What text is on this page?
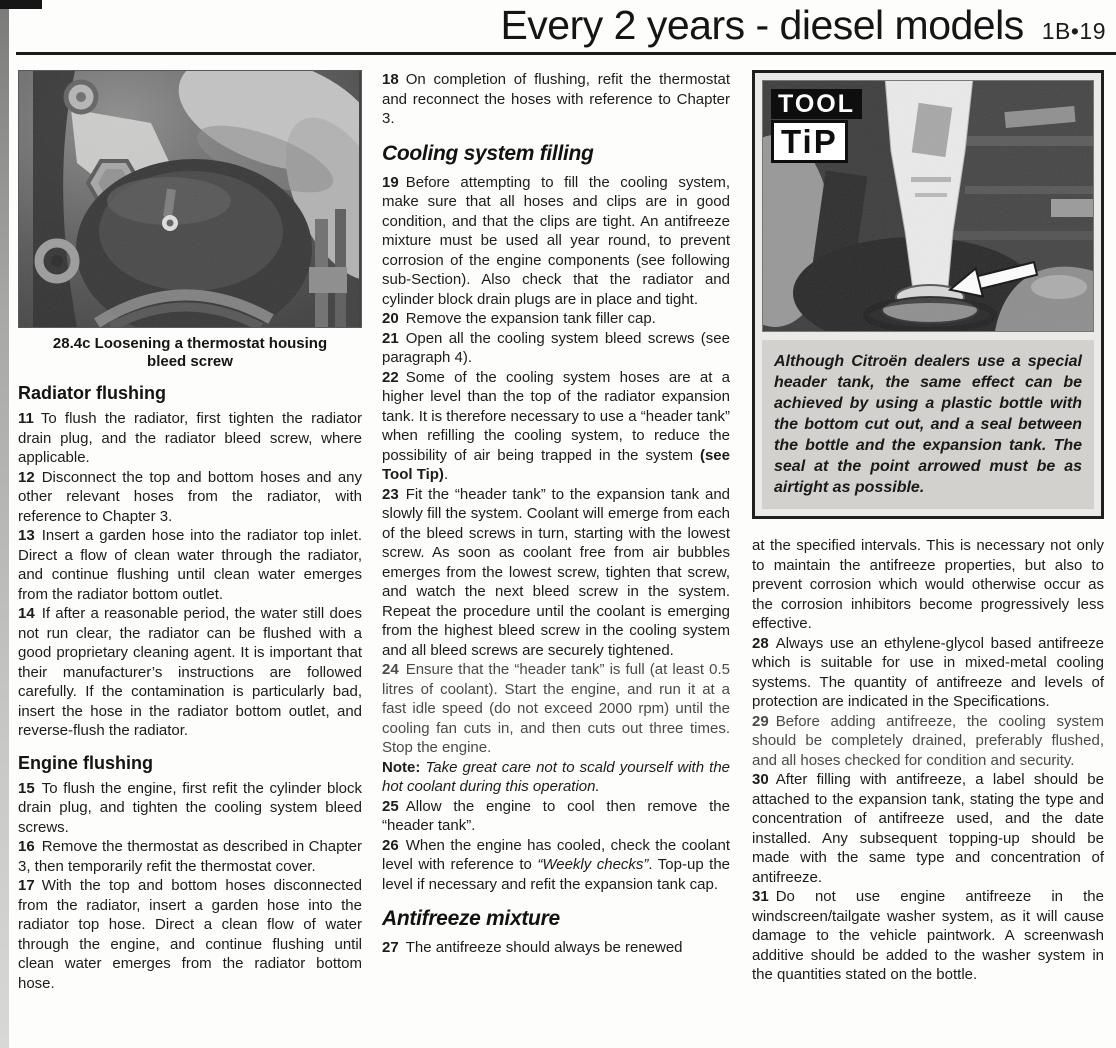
Every 2 years - diesel models 1B•19
28.4c Loosening a thermostat housing
bleed screw
Radiator flushing

11 To flush the radiator, first tighten the radiator drain plug, and the radiator bleed screw, where applicable.

12 Disconnect the top and bottom hoses and any other relevant hoses from the radiator, with reference to Chapter 3.

13 Insert a garden hose into the radiator top inlet. Direct a flow of clean water through the radiator, and continue flushing until clean water emerges from the radiator bottom outlet.

14 If after a reasonable period, the water still does not run clear, the radiator can be flushed with a good proprietary cleaning agent. It is important that their manufacturer’s instructions are followed carefully. If the contamination is particularly bad, insert the hose in the radiator bottom outlet, and reverse-flush the radiator.

Engine flushing

15 To flush the engine, first refit the cylinder block drain plug, and tighten the cooling system bleed screws.

16 Remove the thermostat as described in Chapter 3, then temporarily refit the thermostat cover.

17 With the top and bottom hoses disconnected from the radiator, insert a garden hose into the radiator top hose. Direct a clean flow of water through the engine, and continue flushing until clean water emerges from the radiator bottom hose.

18 On completion of flushing, refit the thermostat and reconnect the hoses with reference to Chapter 3.

Cooling system filling

19 Before attempting to fill the cooling system, make sure that all hoses and clips are in good condition, and that the clips are tight. An antifreeze mixture must be used all year round, to prevent corrosion of the engine components (see following sub-Section). Also check that the radiator and cylinder block drain plugs are in place and tight.

20 Remove the expansion tank filler cap.

21 Open all the cooling system bleed screws (see paragraph 4).

22 Some of the cooling system hoses are at a higher level than the top of the radiator expansion tank. It is therefore necessary to use a “header tank” when refilling the cooling system, to reduce the possibility of air being trapped in the system (see Tool Tip).

23 Fit the “header tank” to the expansion tank and slowly fill the system. Coolant will emerge from each of the bleed screws in turn, starting with the lowest screw. As soon as coolant free from air bubbles emerges from the lowest screw, tighten that screw, and watch the next bleed screw in the system. Repeat the procedure until the coolant is emerging from the highest bleed screw in the cooling system and all bleed screws are securely tightened.

24 Ensure that the “header tank” is full (at least 0.5 litres of coolant). Start the engine, and run it at a fast idle speed (do not exceed 2000 rpm) until the cooling fan cuts in, and then cuts out three times. Stop the engine.

Note: Take great care not to scald yourself with the hot coolant during this operation.

25 Allow the engine to cool then remove the “header tank”.

26 When the engine has cooled, check the coolant level with reference to “Weekly checks”. Top-up the level if necessary and refit the expansion tank cap.

Antifreeze mixture

27 The antifreeze should always be renewed

TOOL
TiP
Although Citroën dealers use a special header tank, the same effect can be achieved by using a plastic bottle with the bottom cut out, and a seal between the bottle and the expansion tank. The seal at the point arrowed must be as airtight as possible.

at the specified intervals. This is necessary not only to maintain the antifreeze properties, but also to prevent corrosion which would otherwise occur as the corrosion inhibitors become progressively less effective.

28 Always use an ethylene-glycol based antifreeze which is suitable for use in mixed-metal cooling systems. The quantity of antifreeze and levels of protection are indicated in the Specifications.

29 Before adding antifreeze, the cooling system should be completely drained, preferably flushed, and all hoses checked for condition and security.

30 After filling with antifreeze, a label should be attached to the expansion tank, stating the type and concentration of antifreeze used, and the date installed. Any subsequent topping-up should be made with the same type and concentration of antifreeze.

31 Do not use engine antifreeze in the windscreen/tailgate washer system, as it will cause damage to the vehicle paintwork. A screenwash additive should be added to the washer system in the quantities stated on the bottle.
